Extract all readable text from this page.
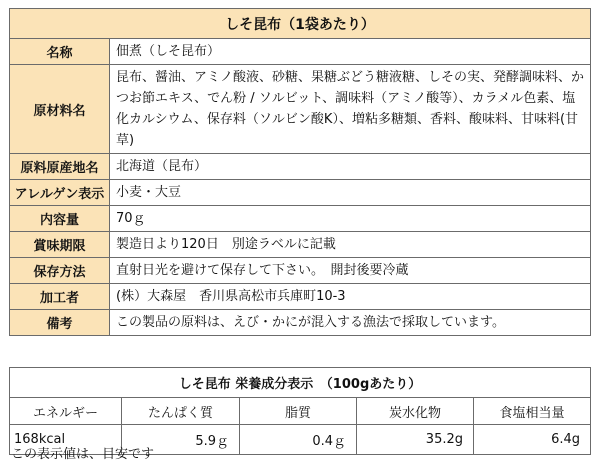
しそ昆布（1袋あたり）	
名称	佃煮（しそ昆布）
原材料名	昆布、醤油、アミノ酸液、砂糖、果糖ぶどう糖液糖、しその実、発酵調味料、かつお節エキス、でん粉 / ソルビット、調味料（アミノ酸等）、カラメル色素、塩化カルシウム、保存料（ソルビン酸K）、増粘多糖類、香料、酸味料、甘味料(甘草)
原料原産地名	北海道（昆布）
アレルゲン表示	小麦・大豆
内容量	70ｇ
賞味期限	製造日より120日　別途ラベルに記載
保存方法	直射日光を避けて保存して下さい。　開封後要冷蔵
加工者	(株）大森屋　香川県高松市兵庫町10-3
備考	この製品の原料は、えび・かにが混入する漁法で採取しています。
しそ昆布 栄養成分表示　（100gあたり）				
エネルギー	たんぱく質	脂質	炭水化物	食塩相当量
168kcal	5.9ｇ	0.4ｇ	35.2g	6.4g
この表示値は、目安です
